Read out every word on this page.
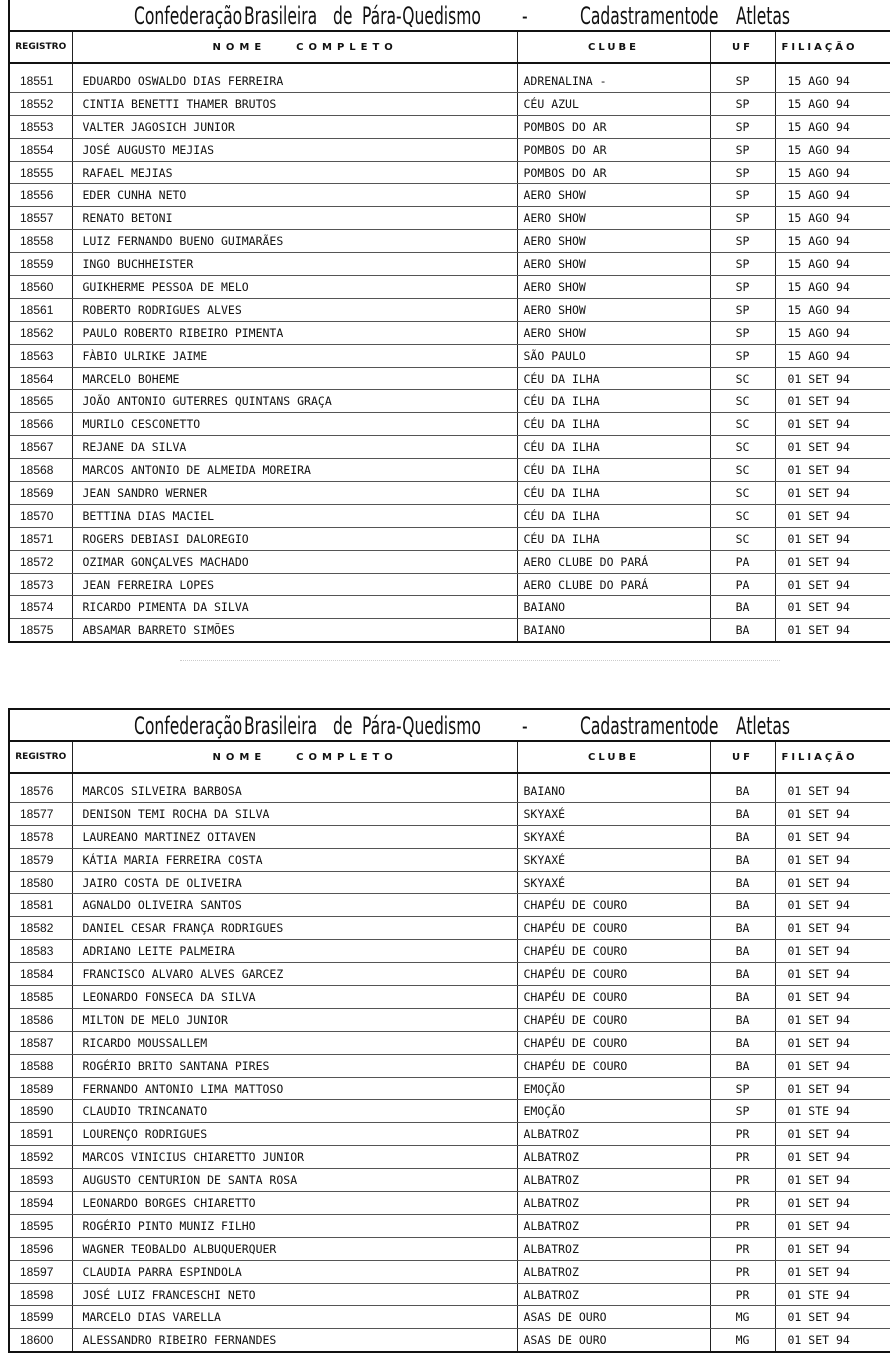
Confederação Brasileira de Pára-Quedismo - Cadastramento
de Atletas
REGISTRO	NOME COMPLETO	CLUBE	UF	FILIAÇÃO
18551	EDUARDO OSWALDO DIAS FERREIRA	ADRENALINA -	SP	15 AGO 94
18552	CINTIA BENETTI THAMER BRUTOS	CÉU AZUL	SP	15 AGO 94
18553	VALTER JAGOSICH JUNIOR	POMBOS DO AR	SP	15 AGO 94
18554	JOSÉ AUGUSTO MEJIAS	POMBOS DO AR	SP	15 AGO 94
18555	RAFAEL MEJIAS	POMBOS DO AR	SP	15 AGO 94
18556	EDER CUNHA NETO	AERO SHOW	SP	15 AGO 94
18557	RENATO BETONI	AERO SHOW	SP	15 AGO 94
18558	LUIZ FERNANDO BUENO GUIMARÃES	AERO SHOW	SP	15 AGO 94
18559	INGO BUCHHEISTER	AERO SHOW	SP	15 AGO 94
18560	GUIKHERME PESSOA DE MELO	AERO SHOW	SP	15 AGO 94
18561	ROBERTO RODRIGUES ALVES	AERO SHOW	SP	15 AGO 94
18562	PAULO ROBERTO RIBEIRO PIMENTA	AERO SHOW	SP	15 AGO 94
18563	FÀBIO ULRIKE JAIME	SÃO PAULO	SP	15 AGO 94
18564	MARCELO BOHEME	CÉU DA ILHA	SC	01 SET 94
18565	JOÃO ANTONIO GUTERRES QUINTANS GRAÇA	CÉU DA ILHA	SC	01 SET 94
18566	MURILO CESCONETTO	CÉU DA ILHA	SC	01 SET 94
18567	REJANE DA SILVA	CÉU DA ILHA	SC	01 SET 94
18568	MARCOS ANTONIO DE ALMEIDA MOREIRA	CÉU DA ILHA	SC	01 SET 94
18569	JEAN SANDRO WERNER	CÉU DA ILHA	SC	01 SET 94
18570	BETTINA DIAS MACIEL	CÉU DA ILHA	SC	01 SET 94
18571	ROGERS DEBIASI DALOREGIO	CÉU DA ILHA	SC	01 SET 94
18572	OZIMAR GONÇALVES MACHADO	AERO CLUBE DO PARÁ	PA	01 SET 94
18573	JEAN FERREIRA LOPES	AERO CLUBE DO PARÁ	PA	01 SET 94
18574	RICARDO PIMENTA DA SILVA	BAIANO	BA	01 SET 94
18575	ABSAMAR BARRETO SIMÕES	BAIANO	BA	01 SET 94
Confederação Brasileira de Pára-Quedismo - Cadastramento
de Atletas
REGISTRO	NOME COMPLETO	CLUBE	UF	FILIAÇÃO
18576	MARCOS SILVEIRA BARBOSA	BAIANO	BA	01 SET 94
18577	DENISON TEMI ROCHA DA SILVA	SKYAXÉ	BA	01 SET 94
18578	LAUREANO MARTINEZ OITAVEN	SKYAXÉ	BA	01 SET 94
18579	KÁTIA MARIA FERREIRA COSTA	SKYAXÉ	BA	01 SET 94
18580	JAIRO COSTA DE OLIVEIRA	SKYAXÉ	BA	01 SET 94
18581	AGNALDO OLIVEIRA SANTOS	CHAPÉU DE COURO	BA	01 SET 94
18582	DANIEL CESAR FRANÇA RODRIGUES	CHAPÉU DE COURO	BA	01 SET 94
18583	ADRIANO LEITE PALMEIRA	CHAPÉU DE COURO	BA	01 SET 94
18584	FRANCISCO ALVARO ALVES GARCEZ	CHAPÉU DE COURO	BA	01 SET 94
18585	LEONARDO FONSECA DA SILVA	CHAPÉU DE COURO	BA	01 SET 94
18586	MILTON DE MELO JUNIOR	CHAPÉU DE COURO	BA	01 SET 94
18587	RICARDO MOUSSALLEM	CHAPÉU DE COURO	BA	01 SET 94
18588	ROGÉRIO BRITO SANTANA PIRES	CHAPÉU DE COURO	BA	01 SET 94
18589	FERNANDO ANTONIO LIMA MATTOSO	EMOÇÃO	SP	01 SET 94
18590	CLAUDIO TRINCANATO	EMOÇÃO	SP	01 STE 94
18591	LOURENÇO RODRIGUES	ALBATROZ	PR	01 SET 94
18592	MARCOS VINICIUS CHIARETTO JUNIOR	ALBATROZ	PR	01 SET 94
18593	AUGUSTO CENTURION DE SANTA ROSA	ALBATROZ	PR	01 SET 94
18594	LEONARDO BORGES CHIARETTO	ALBATROZ	PR	01 SET 94
18595	ROGÉRIO PINTO MUNIZ FILHO	ALBATROZ	PR	01 SET 94
18596	WAGNER TEOBALDO ALBUQUERQUER	ALBATROZ	PR	01 SET 94
18597	CLAUDIA PARRA ESPINDOLA	ALBATROZ	PR	01 SET 94
18598	JOSÉ LUIZ FRANCESCHI NETO	ALBATROZ	PR	01 STE 94
18599	MARCELO DIAS VARELLA	ASAS DE OURO	MG	01 SET 94
18600	ALESSANDRO RIBEIRO FERNANDES	ASAS DE OURO	MG	01 SET 94
